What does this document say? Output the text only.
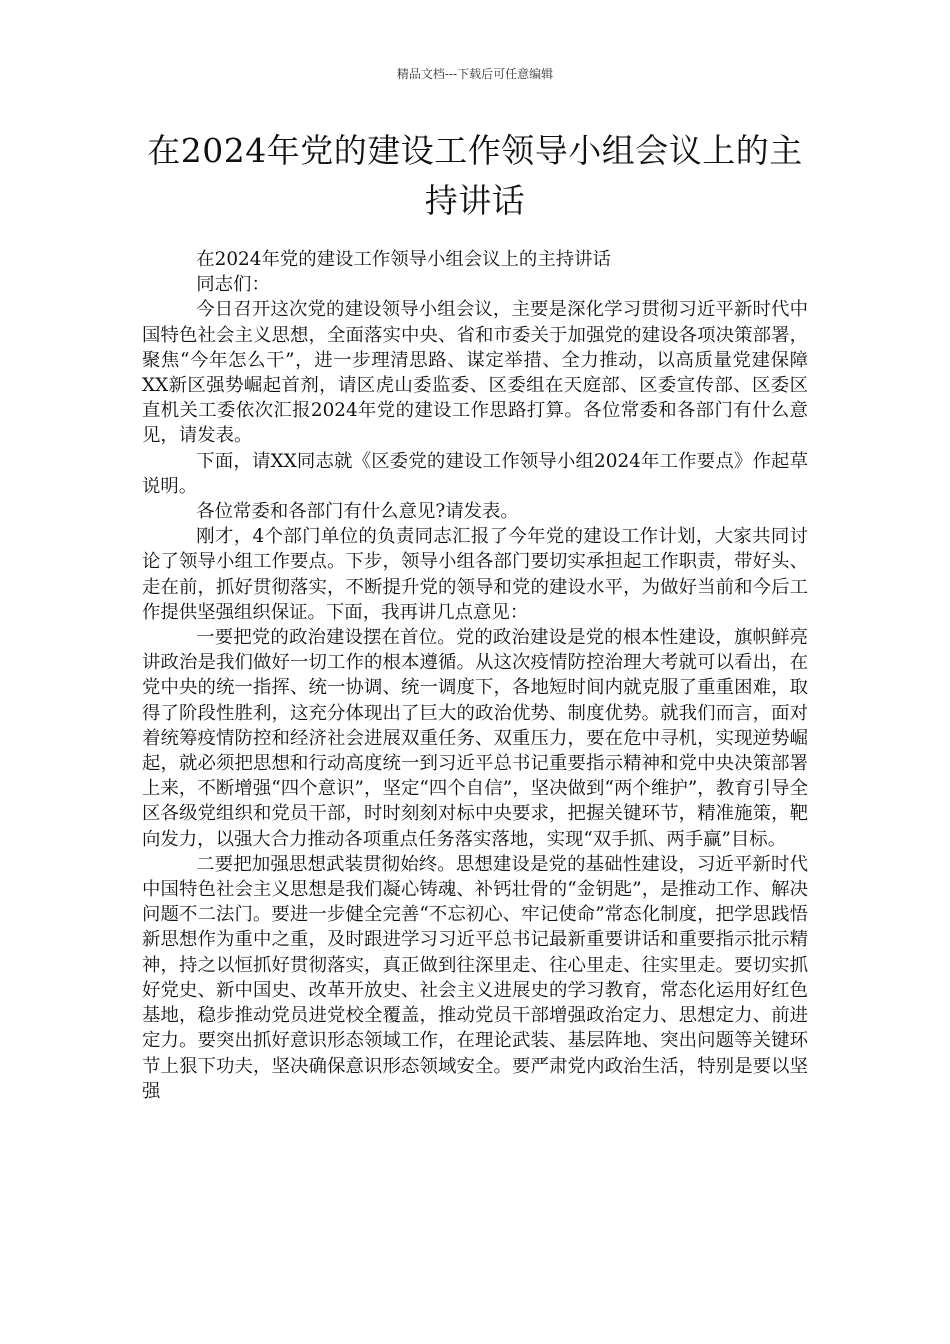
精品文档---下载后可任意编辑
在2024年党的建设工作领导小组会议上的主持讲话

在2024年党的建设工作领导小组会议上的主持讲话

同志们：

今日召开这次党的建设领导小组会议，主要是深化学习贯彻习近平新时代中国特色社会主义思想，全面落实中央、省和市委关于加强党的建设各项决策部署，聚焦“今年怎么干”，进一步理清思路、谋定举措、全力推动，以高质量党建保障XX新区强势崛起首剂，请区虎山委监委、区委组在天庭部、区委宣传部、区委区直机关工委依次汇报2024年党的建设工作思路打算。各位常委和各部门有什么意见，请发表。

下面，请XX同志就《区委党的建设工作领导小组2024年工作要点》作起草说明。

各位常委和各部门有什么意见?请发表。

刚才，4个部门单位的负责同志汇报了今年党的建设工作计划，大家共同讨论了领导小组工作要点。下步，领导小组各部门要切实承担起工作职责，带好头、走在前，抓好贯彻落实，不断提升党的领导和党的建设水平，为做好当前和今后工作提供坚强组织保证。下面，我再讲几点意见：

一要把党的政治建设摆在首位。党的政治建设是党的根本性建设，旗帜鲜亮讲政治是我们做好一切工作的根本遵循。从这次疫情防控治理大考就可以看出，在党中央的统一指挥、统一协调、统一调度下，各地短时间内就克服了重重困难，取得了阶段性胜利，这充分体现出了巨大的政治优势、制度优势。就我们而言，面对着统筹疫情防控和经济社会进展双重任务、双重压力，要在危中寻机，实现逆势崛起，就必须把思想和行动高度统一到习近平总书记重要指示精神和党中央决策部署上来，不断增强“四个意识”，坚定“四个自信”，坚决做到“两个维护”，教育引导全区各级党组织和党员干部，时时刻刻对标中央要求，把握关键环节，精准施策，靶向发力，以强大合力推动各项重点任务落实落地，实现“双手抓、两手赢”目标。

二要把加强思想武装贯彻始终。思想建设是党的基础性建设，习近平新时代中国特色社会主义思想是我们凝心铸魂、补钙壮骨的“金钥匙”，是推动工作、解决问题不二法门。要进一步健全完善“不忘初心、牢记使命”常态化制度，把学思践悟新思想作为重中之重，及时跟进学习习近平总书记最新重要讲话和重要指示批示精神，持之以恒抓好贯彻落实，真正做到往深里走、往心里走、往实里走。要切实抓好党史、新中国史、改革开放史、社会主义进展史的学习教育，常态化运用好红色基地，稳步推动党员进党校全覆盖，推动党员干部增强政治定力、思想定力、前进定力。要突出抓好意识形态领域工作，在理论武装、基层阵地、突出问题等关键环节上狠下功夫，坚决确保意识形态领域安全。要严肃党内政治生活，特别是要以坚强
